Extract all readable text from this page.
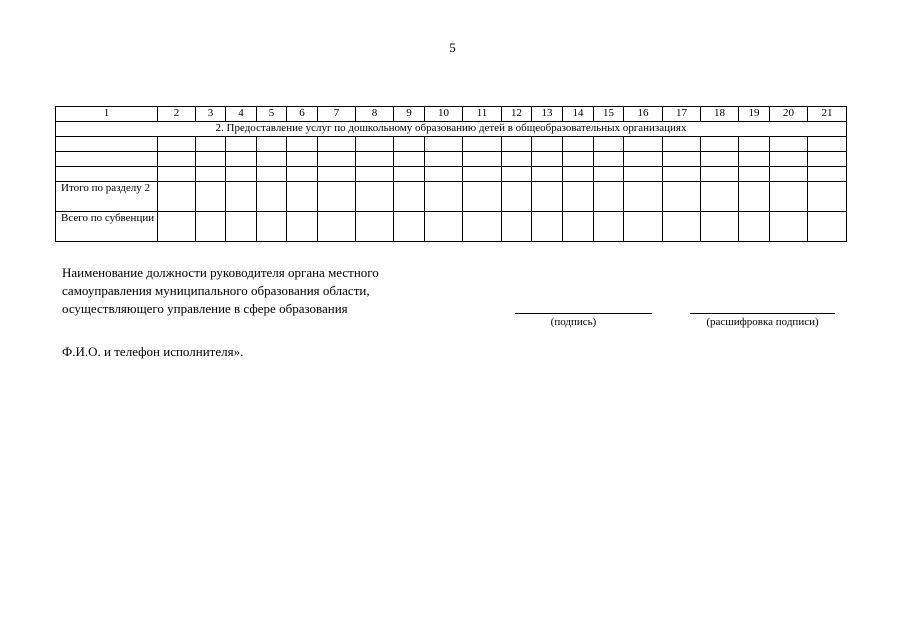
5
1	2	3	4	5	6	7	8	9	10	11	12	13	14	15	16	17	18	19	20	21
2. Предоставление услуг по дошкольному образованию детей в общеобразовательных организациях																				

Итого по разделу 2																				
Всего по субвенции																				
Наименование должности руководителя органа местного
самоуправления муниципального образования области,
осуществляющего управление в сфере образования
(подпись)	(расшифровка подписи)
Ф.И.О. и телефон исполнителя».
